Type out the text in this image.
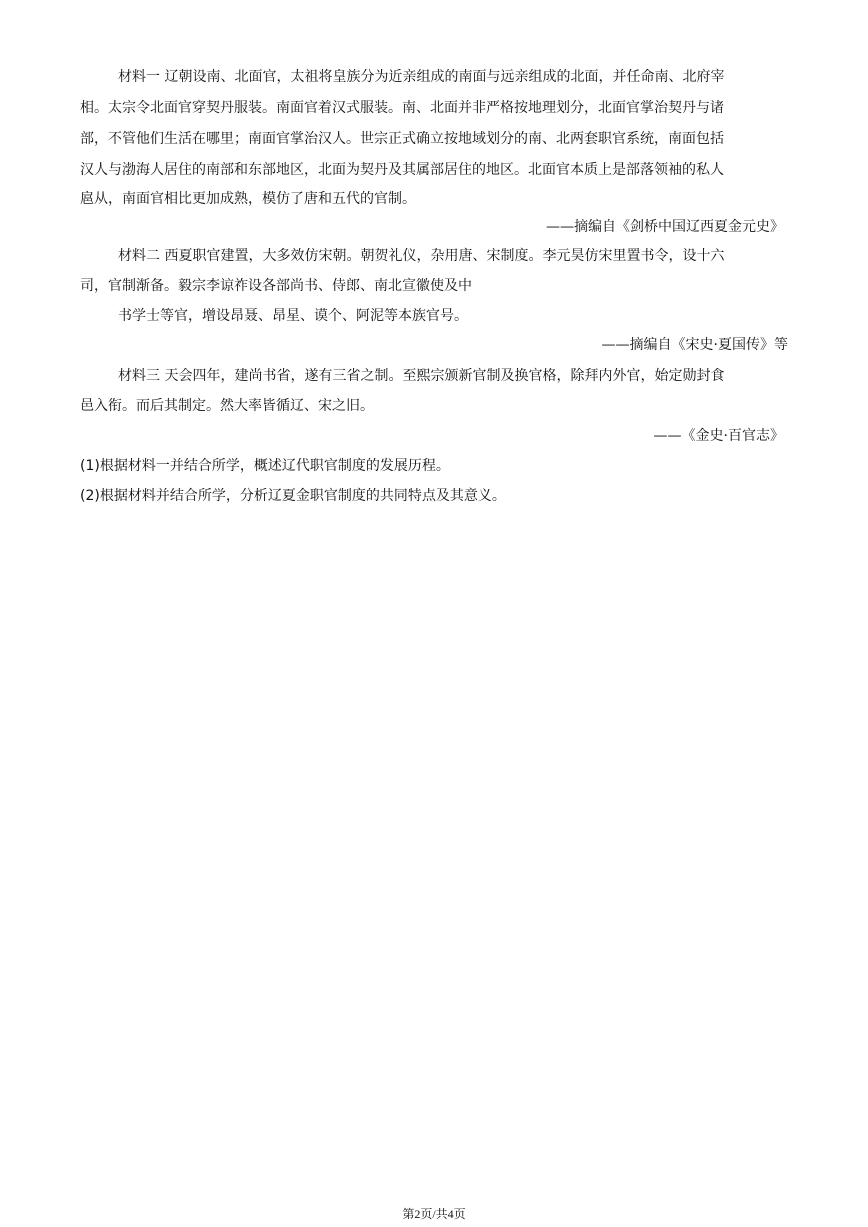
材料一 辽朝设南、北面官，太祖将皇族分为近亲组成的南面与远亲组成的北面，并任命南、北府宰
相。太宗令北面官穿契丹服装。南面官着汉式服装。南、北面并非严格按地理划分，北面官掌治契丹与诸
部，不管他们生活在哪里；南面官掌治汉人。世宗正式确立按地域划分的南、北两套职官系统，南面包括
汉人与渤海人居住的南部和东部地区，北面为契丹及其属部居住的地区。北面官本质上是部落领袖的私人
扈从，南面官相比更加成熟，模仿了唐和五代的官制。
——摘编自《剑桥中国辽西夏金元史》
材料二 西夏职官建置，大多效仿宋朝。朝贺礼仪，杂用唐、宋制度。李元昊仿宋里置书令，设十六
司，官制渐备。毅宗李谅祚设各部尚书、侍郎、南北宣徽使及中
书学士等官，增设昂聂、昂星、谟个、阿泥等本族官号。
——摘编自《宋史·夏国传》等
材料三 天会四年，建尚书省，遂有三省之制。至熙宗颁新官制及换官格，除拜内外官，始定勋封食
邑入衔。而后其制定。然大率皆循辽、宋之旧。
——《金史·百官志》
(1)根据材料一并结合所学，概述辽代职官制度的发展历程。
(2)根据材料并结合所学，分析辽夏金职官制度的共同特点及其意义。
第2页/共4页
